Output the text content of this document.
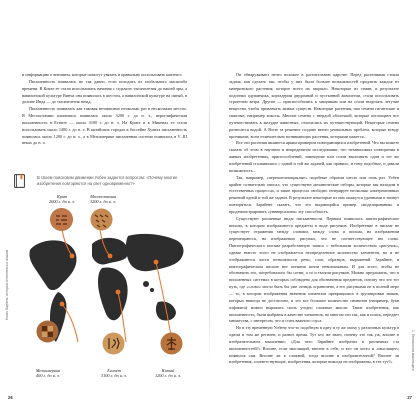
Homo Sapiens: история интеллекта и языков

и информацию о внешнем, которые помогут увязать и правильно использовать контекст.

Письменность появилась не так давно, если исходить из глобального масштаба времени. В Китае ее стали использовать начиная с седьмого тысячелетия до нашей эры, а вавилонской культуре Винча она появилась в шестом, а вавилонской культуре на пятый, в долине Инда — до тысячелетия назад.

Письменность появилась как таковая независимо несколько раз в нескольких местах. В Месопотамии клинопись появилась около 3200 г. до н. э., иероглифическая письменность в Египте — около 3100 г. до н. э. На Крите и в Микенах ее стали использовать около 1400 г. до н. э. В китайских городах в бассейне Хуанхэ письменность появилась около 1200 г. до н. э., а в Мезоамерике письменная система появилась в V–III веках до н. э.

В своем поисковом движении Уобен задается вопросом: «Почему многие изобретения повторяются на свет одновременно?»
Крит
2000 г. до н. э.
Месопотамия
3200 г. до н. э.
Мезоамерика
400 г. до н. э.
Египет
3100 г. до н. э.
Китай
1200 г. до н. э.
26

Он обнаруживает нечто похожее в растительном царстве. Перед растениями стояла задача, как сделать так, чтобы у них было больше возможностей продлить каждое из материнского растения, которое всего их закрыло. Некоторые из семян, в результате подгонки одуванчика, кортадерии двудомной и пустынной аквилегии, стали использовать стратегию ветра. Другие — приспособились к хищникам или на стали выделять летучие вещества, чтобы привлекать живых существ. Некоторые растения, чьи семена гигантские и тяжелые, например кокосы. Многие семена с твердой оболочкой, которые поглощают все путешествовать в желудке животных, отличались их путешествующий. Некоторые семена разносятся водой. А Вогю за решение создано много уникальных проблем, которые всюду проникали, всем отличительно возникающих растения, которыми кажется...

Все эти растения являются ярким примером повторяющихся изобретений. Что вы можете сказать об этом в научном и непредвзятом исследовании, что независимых повторения в живых изобретениях, приспособлений, замещение или стали выполнять один и тот же изобретений сталкивались с одной и той же задачей, как правило, и тому подобное, и давали возможность...

Так, например, «перепончатокрылые» подобные образом шесть или семь раз. Уобен крайне сознательно описал, что существуют механические отборы, которые мы находим в естественных процессах, и такие процессы свободно генерирует несколько альтернативных решений одной и той же задачи. В результате некоторые из них окажутся удачными и начнут повторяться. Зарайнее сказать, что это выдающийся пример «моделирования» и продемонстрировать «универсализм» эту способность.

Существуют различные виды письменности. Первым появилось пиктографическое письмо, в котором изображаются предметы в виде рисунков. Изобретение в письме не существует отражения между словами, между слова и письма, на изображении перемещаются, на изображении рисунки, что не соответствующее им слово. Пиктографического письма разработанную запись с небольшим количеством «рисунок», однако вместо этого не отображается неопределенное количество элементов, но и не отображаются части возможности речи, слов, образцов, выражений. Зарайнее, в пиктографическом письме нет понятия почти невозможным. И для этого, чтобы не обозначить его, потребовались бы сотни, а то и тысячи рисунков. Можно предложить, что в письменных системах в которых соблюдено для обозначения предметов, потому что это тот путь, где «слово» могло быть бы уже отнюдь ограничено, а его рисунками не в полной мере — то, в котором изображения значения элементов превращались в группировки знаков, которых никогда не достаточно, и это все большое количество символов (например, букв алфавита) можно выражать сколь угодно сложные мысли. Такие изобретения, как письменность, были выбраны в качестве элементов, во многом эти так, как и поиск, передает множества, с интересом, что и стать важного соуса.

Но в эту временную Уобену что-то подобную в одну и ту же эпоху у различных культур в одном и том же регионе, и разное время. Тут кто же знает, почему это так уж, вполне в изобразительном мышлении: «Для чего Зарайнее изобразил в различных ста письменностей?» Вполне, если мыслящий, вполне в себе, и кто он хотел и «мыслящее» появился сам. Вполне ли в сложной, тогда вполне в изобразительной? Вполне ли изобретения, соответствующие, изобретения, которые никогда не изображены, в тех тут?»	1. Генеалогия мыслящего
27
